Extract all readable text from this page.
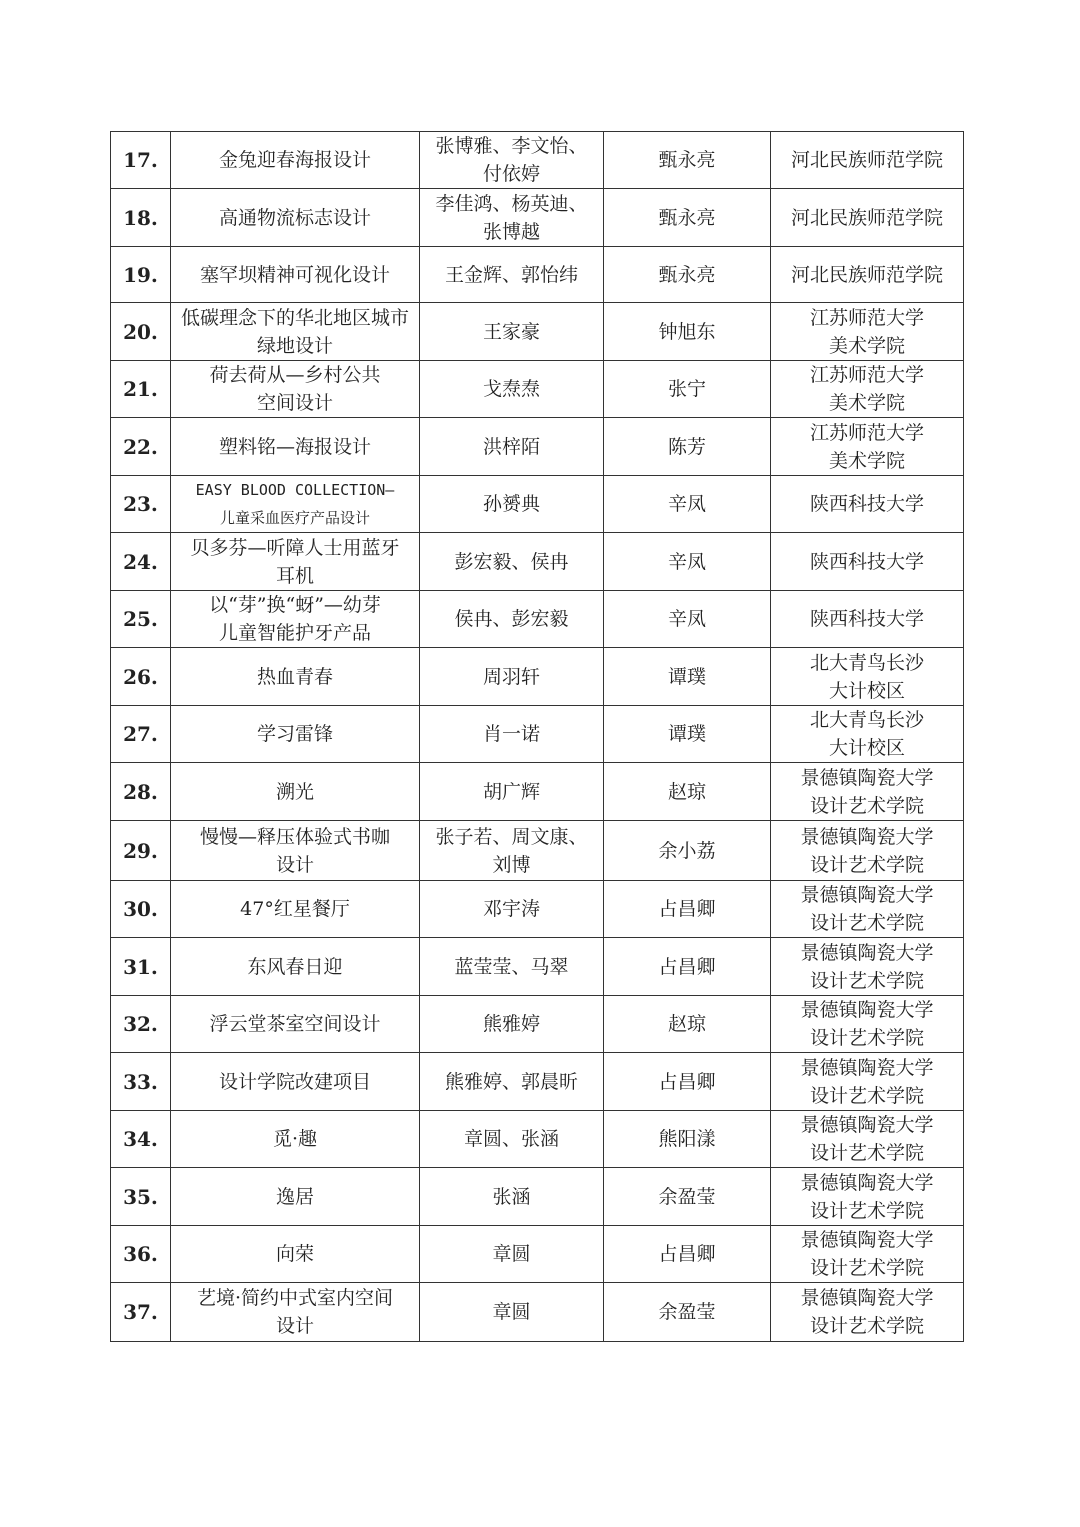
17.	金兔迎春海报设计	张博雅、李文怡、
付依婷	甄永亮	河北民族师范学院

18.	高通物流标志设计	李佳鸿、杨英迪、
张博越	甄永亮	河北民族师范学院

19.	塞罕坝精神可视化设计	王金辉、郭怡纬	甄永亮	河北民族师范学院

20.	低碳理念下的华北地区城市
绿地设计	王家豪	钟旭东	江苏师范大学
美术学院

21.	荷去荷从—乡村公共
空间设计	戈焘焘	张宁	江苏师范大学
美术学院

22.	塑料铭—海报设计	洪梓陌	陈芳	江苏师范大学
美术学院

23.	EASY BLOOD COLLECTION—
儿童采血医疗产品设计	孙赟典	辛凤	陕西科技大学

24.	贝多芬—听障人士用蓝牙
耳机	彭宏毅、侯冉	辛凤	陕西科技大学

25.	以“芽”换“蚜”—幼芽
儿童智能护牙产品	侯冉、彭宏毅	辛凤	陕西科技大学

26.	热血青春	周羽轩	谭璞	北大青鸟长沙
大计校区

27.	学习雷锋	肖一诺	谭璞	北大青鸟长沙
大计校区

28.	溯光	胡广辉	赵琼	景德镇陶瓷大学
设计艺术学院

29.	慢慢—释压体验式书咖
设计	张子若、周文康、
刘博	余小荔	景德镇陶瓷大学
设计艺术学院

30.	47°红星餐厅	邓宇涛	占昌卿	景德镇陶瓷大学
设计艺术学院

31.	东风春日迎	蓝莹莹、马翠	占昌卿	景德镇陶瓷大学
设计艺术学院

32.	浮云堂茶室空间设计	熊雅婷	赵琼	景德镇陶瓷大学
设计艺术学院

33.	设计学院改建项目	熊雅婷、郭晨昕	占昌卿	景德镇陶瓷大学
设计艺术学院

34.	觅·趣	章圆、张涵	熊阳漾	景德镇陶瓷大学
设计艺术学院

35.	逸居	张涵	余盈莹	景德镇陶瓷大学
设计艺术学院

36.	向荣	章圆	占昌卿	景德镇陶瓷大学
设计艺术学院

37.	艺境·简约中式室内空间
设计	章圆	余盈莹	景德镇陶瓷大学
设计艺术学院
